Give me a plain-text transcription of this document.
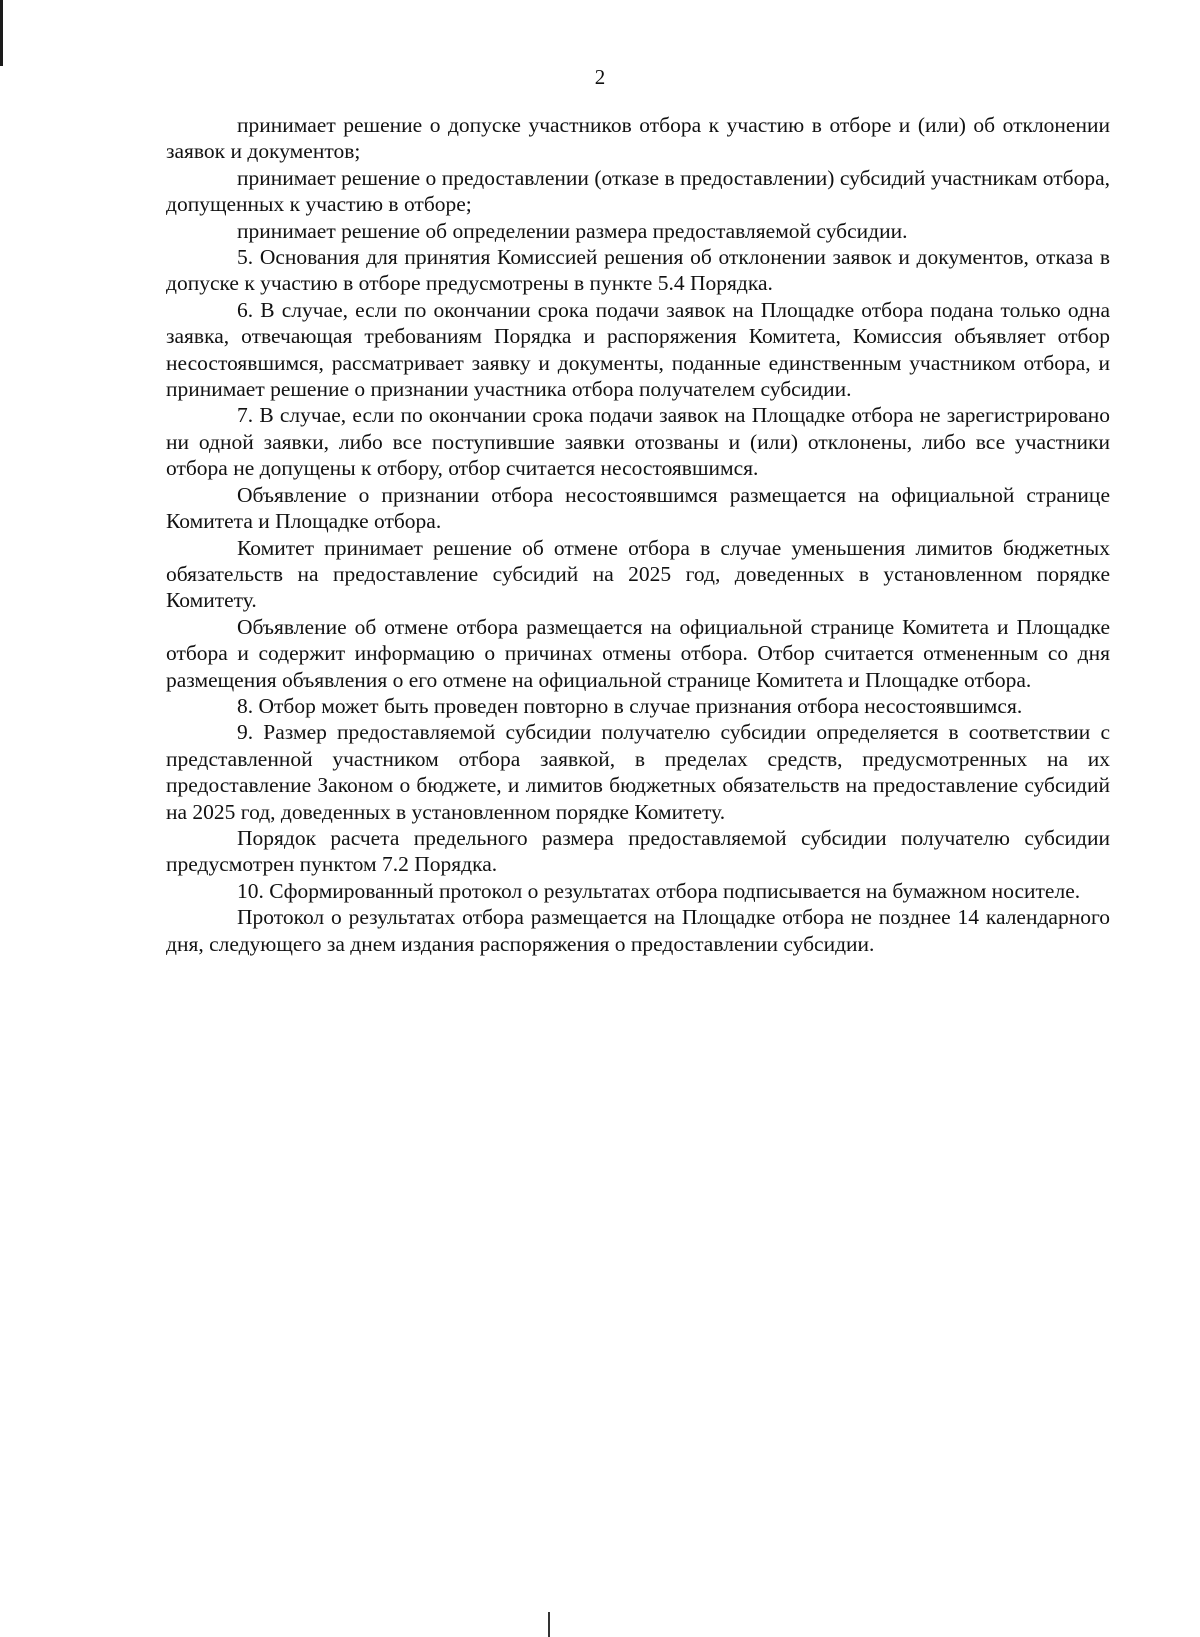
2

принимает решение о допуске участников отбора к участию в отборе и (или) об отклонении заявок и документов;

принимает решение о предоставлении (отказе в предоставлении) субсидий участникам отбора, допущенных к участию в отборе;

принимает решение об определении размера предоставляемой субсидии.

5. Основания для принятия Комиссией решения об отклонении заявок и документов, отказа в допуске к участию в отборе предусмотрены в пункте 5.4 Порядка.

6. В случае, если по окончании срока подачи заявок на Площадке отбора подана только одна заявка, отвечающая требованиям Порядка и распоряжения Комитета, Комиссия объявляет отбор несостоявшимся, рассматривает заявку и документы, поданные единственным участником отбора, и принимает решение о признании участника отбора получателем субсидии.

7. В случае, если по окончании срока подачи заявок на Площадке отбора не зарегистрировано ни одной заявки, либо все поступившие заявки отозваны и (или) отклонены, либо все участники отбора не допущены к отбору, отбор считается несостоявшимся.

Объявление о признании отбора несостоявшимся размещается на официальной странице Комитета и Площадке отбора.

Комитет принимает решение об отмене отбора в случае уменьшения лимитов бюджетных обязательств на предоставление субсидий на 2025 год, доведенных в установленном порядке Комитету.

Объявление об отмене отбора размещается на официальной странице Комитета и Площадке отбора и содержит информацию о причинах отмены отбора. Отбор считается отмененным со дня размещения объявления о его отмене на официальной странице Комитета и Площадке отбора.

8. Отбор может быть проведен повторно в случае признания отбора несостоявшимся.

9. Размер предоставляемой субсидии получателю субсидии определяется в соответствии с представленной участником отбора заявкой, в пределах средств, предусмотренных на их предоставление Законом о бюджете, и лимитов бюджетных обязательств на предоставление субсидий на 2025 год, доведенных в установленном порядке Комитету.

Порядок расчета предельного размера предоставляемой субсидии получателю субсидии предусмотрен пунктом 7.2 Порядка.

10. Сформированный протокол о результатах отбора подписывается на бумажном носителе.

Протокол о результатах отбора размещается на Площадке отбора не позднее 14 календарного дня, следующего за днем издания распоряжения о предоставлении субсидии.
